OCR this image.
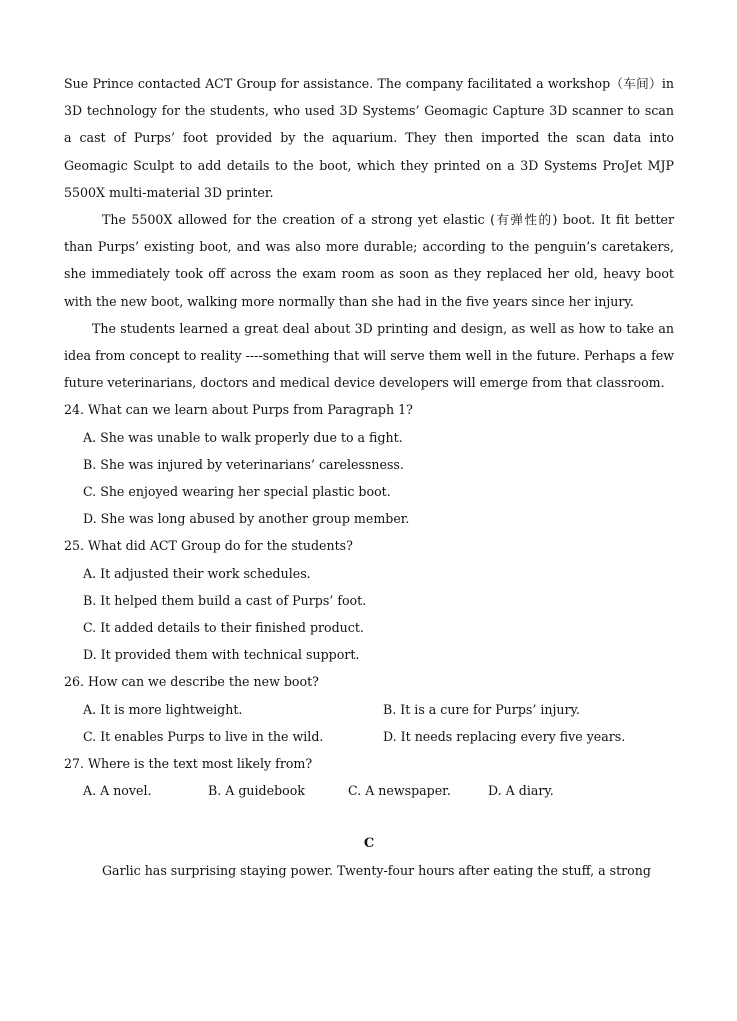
Sue Prince contacted ACT Group for assistance. The company facilitated a workshop（车间）in 3D technology for the students, who used 3D Systems’ Geomagic Capture 3D scanner to scan a cast of Purps’ foot provided by the aquarium. They then imported the scan data into Geomagic Sculpt to add details to the boot, which they printed on a 3D Systems ProJet MJP 5500X multi-material 3D printer.

The 5500X allowed for the creation of a strong yet elastic (有弹性的) boot. It fit better than Purps’ existing boot, and was also more durable; according to the penguin’s caretakers, she immediately took off across the exam room as soon as they replaced her old, heavy boot with the new boot, walking more normally than she had in the five years since her injury.

The students learned a great deal about 3D printing and design, as well as how to take an idea from concept to reality ----something that will serve them well in the future. Perhaps a few future veterinarians, doctors and medical device developers will emerge from that classroom.

24. What can we learn about Purps from Paragraph 1?

A. She was unable to walk properly due to a fight.

B. She was injured by veterinarians’ carelessness.

C. She enjoyed wearing her special plastic boot.

D. She was long abused by another group member.

25. What did ACT Group do for the students?

A. It adjusted their work schedules.

B. It helped them build a cast of Purps’ foot.

C. It added details to their finished product.

D. It provided them with technical support.

26. How can we describe the new boot?

A. It is more lightweight.	B. It is a cure for Purps’ injury.
C. It enables Purps to live in the wild.	D. It needs replacing every five years.

27. Where is the text most likely from?

A. A novel.	B. A guidebook	C. A newspaper.	D. A diary.
C

Garlic has surprising staying power. Twenty-four hours after eating the stuff, a strong
